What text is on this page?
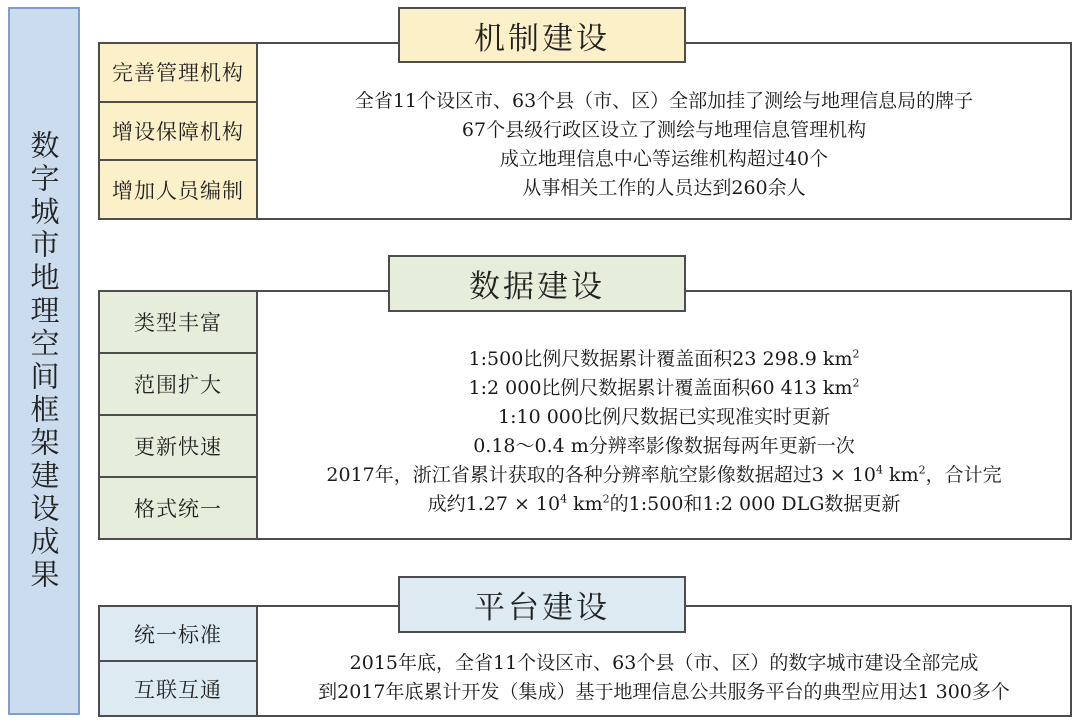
数字城市地理空间框架建设成果
完善管理机构
增设保障机构
增加人员编制
全省11个设区市、63个县（市、区）全部加挂了测绘与地理信息局的牌子
67个县级行政区设立了测绘与地理信息管理机构
成立地理信息中心等运维机构超过40个
从事相关工作的人员达到260余人
机制建设
类型丰富
范围扩大
更新快速
格式统一
1:500比例尺数据累计覆盖面积23 298.9 $km^2$
1:2 000比例尺数据累计覆盖面积60 413 $km^2$
1:10 000比例尺数据已实现准实时更新
0.18～0.4 m分辨率影像数据每两年更新一次
2017年，浙江省累计获取的各种分辨率航空影像数据超过$3 \times 10^4$ $km^2$，合计完
成约$1.27 \times 10^4$ $km^2$的1:500和1:2 000 DLG数据更新
数据建设
统一标准
互联互通
2015年底，全省11个设区市、63个县（市、区）的数字城市建设全部完成
到2017年底累计开发（集成）基于地理信息公共服务平台的典型应用达1 300多个
平台建设
